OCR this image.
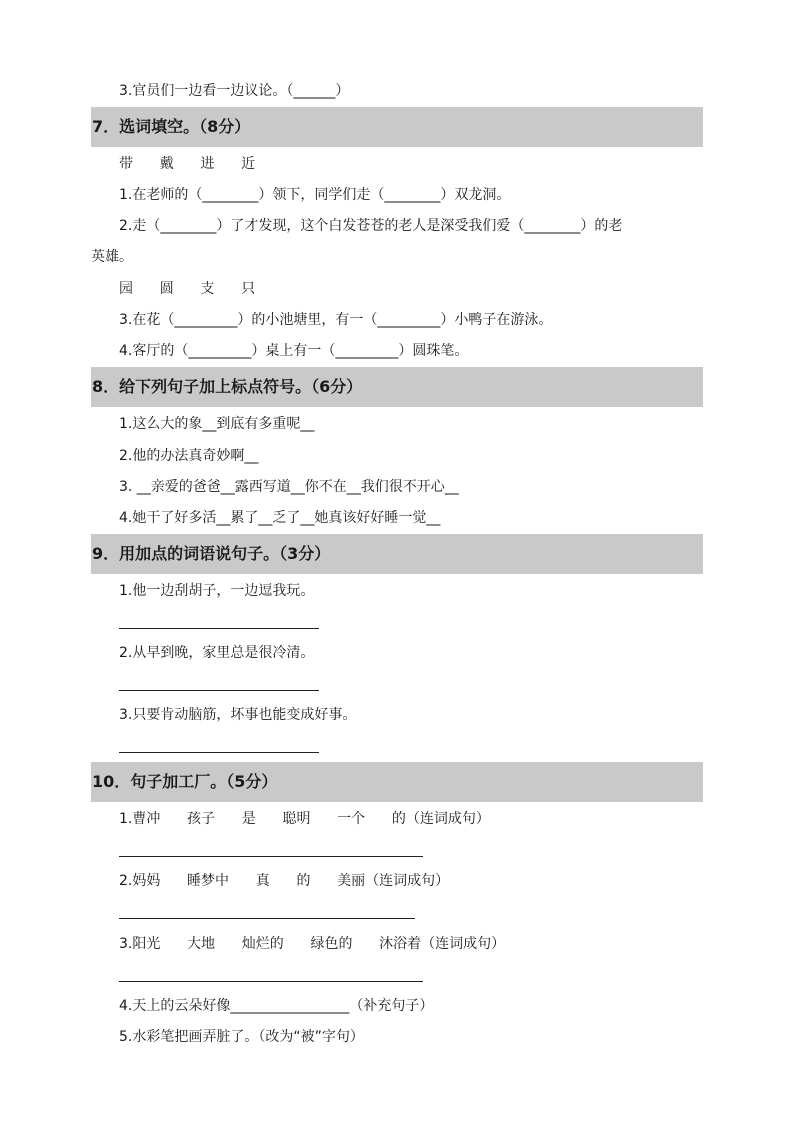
3.官员们一边看一边议论。（______）
7．选词填空。（8分）
带      戴      进      近
1.在老师的（________）领下，同学们走（________）双龙洞。
2.走（________）了才发现，这个白发苍苍的老人是深受我们爱（________）的老
英雄。
园      圆      支      只
3.在花（_________）的小池塘里，有一（_________）小鸭子在游泳。
4.客厅的（_________）桌上有一（_________）圆珠笔。
8．给下列句子加上标点符号。（6分）
1.这么大的象__到底有多重呢__
2.他的办法真奇妙啊__
3. __亲爱的爸爸__露西写道__你不在__我们很不开心__
4.她干了好多活__累了__乏了__她真该好好睡一觉__
9．用加点的词语说句子。（3分）
1.他一边刮胡子，一边逗我玩。
2.从早到晚，家里总是很冷清。
3.只要肯动脑筋，坏事也能变成好事。
10．句子加工厂。（5分）
1.曹冲      孩子      是      聪明      一个      的（连词成句）
2.妈妈      睡梦中      真      的      美丽（连词成句）
3.阳光      大地      灿烂的      绿色的      沐浴着（连词成句）
4.天上的云朵好像_________________（补充句子）
5.水彩笔把画弄脏了。（改为“被”字句）
